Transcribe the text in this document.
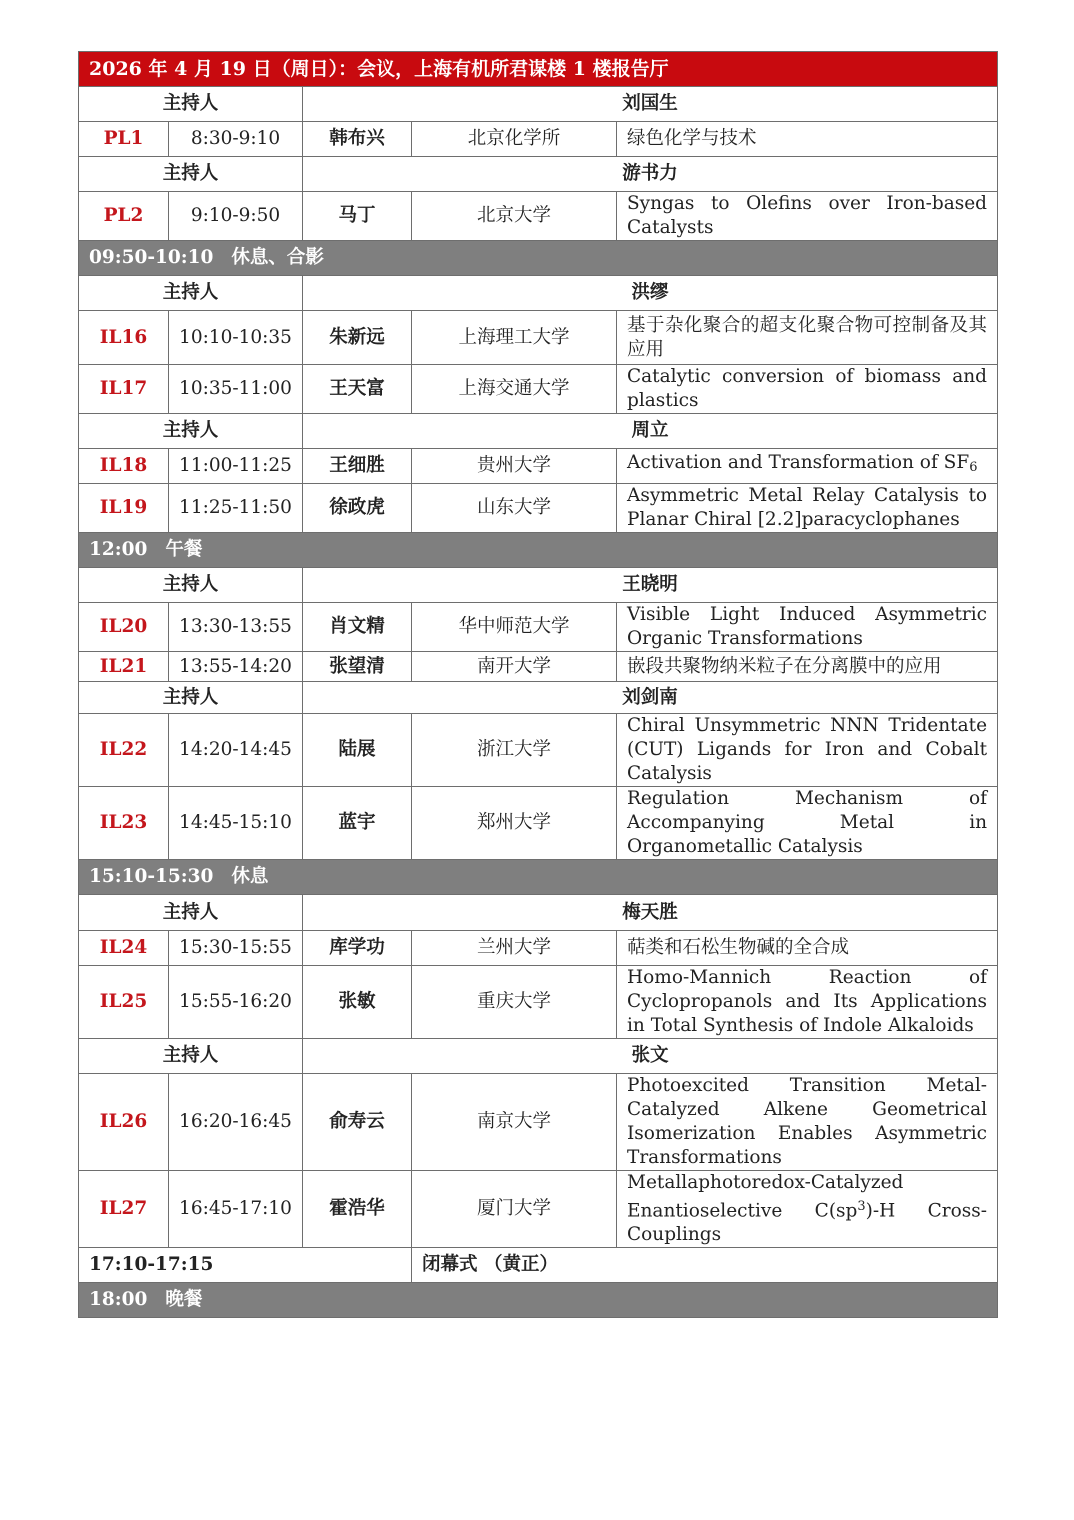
2026 年 4 月 19 日（周日）：会议，上海有机所君谋楼 1 楼报告厅				
主持人		刘国生		
PL1	8:30-9:10	韩布兴	北京化学所	绿色化学与技术
主持人		游书力		
PL2	9:10-9:50	马丁	北京大学	Syngas to Olefins over Iron-based Catalysts
09:50-10:10 休息、合影				
主持人		洪缪		
IL16	10:10-10:35	朱新远	上海理工大学	基于杂化聚合的超支化聚合物可控制备及其应用
IL17	10:35-11:00	王天富	上海交通大学	Catalytic conversion of biomass and plastics
主持人		周立		
IL18	11:00-11:25	王细胜	贵州大学	Activation and Transformation of $SF_6$
IL19	11:25-11:50	徐政虎	山东大学	Asymmetric Metal Relay Catalysis to Planar Chiral [2.2]paracyclophanes
12:00 午餐				
主持人		王晓明		
IL20	13:30-13:55	肖文精	华中师范大学	Visible Light Induced Asymmetric Organic Transformations
IL21	13:55-14:20	张望清	南开大学	嵌段共聚物纳米粒子在分离膜中的应用
主持人		刘剑南		
IL22	14:20-14:45	陆展	浙江大学	Chiral Unsymmetric NNN Tridentate (CUT) Ligands for Iron and Cobalt Catalysis
IL23	14:45-15:10	蓝宇	郑州大学	Regulation Mechanism of Accompanying Metal in Organometallic Catalysis
15:10-15:30 休息				
主持人		梅天胜		
IL24	15:30-15:55	库学功	兰州大学	萜类和石松生物碱的全合成
IL25	15:55-16:20	张敏	重庆大学	Homo-Mannich Reaction of Cyclopropanols and Its Applications in Total Synthesis of Indole Alkaloids
主持人		张文		
IL26	16:20-16:45	俞寿云	南京大学	Photoexcited Transition Metal-Catalyzed Alkene Geometrical Isomerization Enables Asymmetric Transformations
IL27	16:45-17:10	霍浩华	厦门大学	Metallaphotoredox-Catalyzed Enantioselective $C(sp^3)-H$ Cross-Couplings
17:10-17:15			闭幕式 （黄正）	
18:00 晚餐				
